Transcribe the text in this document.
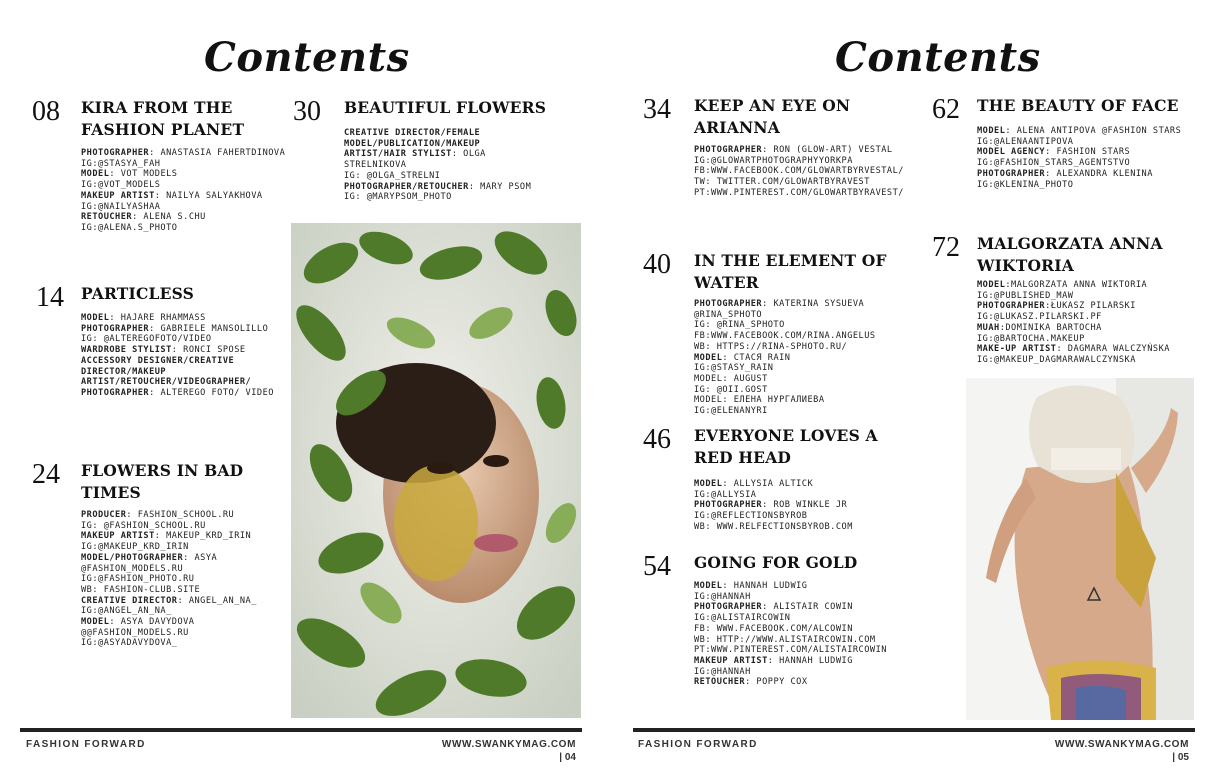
Contents
08 KIRA FROM THE FASHION PLANET
PHOTOGRAPHER: ANASTASIA FAHERTDINOVA
IG:@STASYA_FAH
MODEL: VOT MODELS
IG:@VOT_MODELS
MAKEUP ARTIST: NAILYA SALYAKHOVA
IG:@NAILYASHAA
RETOUCHER: ALENA S.CHU
IG:@ALENA.S_PHOTO
14 PARTICLESS
MODEL: HAJARE RHAMMASS
PHOTOGRAPHER: GABRIELE MANSOLILLO
IG: @ALTEREGOFOTO/VIDEO
WARDROBE STYLIST: RONCI SPOSE
ACCESSORY DESIGNER/CREATIVE DIRECTOR/MAKEUP ARTIST/RETOUCHER/VIDEOGRAPHER/ PHOTOGRAPHER: ALTEREGO FOTO/ VIDEO
24 FLOWERS IN BAD TIMES
PRODUCER: FASHION_SCHOOL.RU
IG: @FASHION_SCHOOL.RU
MAKEUP ARTIST: MAKEUP_KRD_IRIN
IG:@MAKEUP_KRD_IRIN
MODEL/PHOTOGRAPHER: ASYA
@FASHION_MODELS.RU
IG:@FASHION_PHOTO.RU
WB: FASHION-CLUB.SITE
CREATIVE DIRECTOR: ANGEL_AN_NA_
IG:@ANGEL_AN_NA_
MODEL: ASYA DAVYDOVA
@@FASHION_MODELS.RU
IG:@ASYADAVYDOVA_
30 BEAUTIFUL FLOWERS
CREATIVE DIRECTOR/FEMALE MODEL/PUBLICATION/MAKEUP ARTIST/HAIR STYLIST: OLGA STRELNIKOVA
IG: @OLGA_STRELNI
PHOTOGRAPHER/RETOUCHER: MARY PSOM
IG: @MARYPSOM_PHOTO
FASHION FORWARD	WWW.SWANKYMAG.COM
| 04
Contents
34 KEEP AN EYE ON ARIANNA
PHOTOGRAPHER: RON (GLOW-ART) VESTAL
IG:@GLOWARTPHOTOGRAPHYYORKPA
FB:WWW.FACEBOOK.COM/GLOWARTBYRVESTAL/
TW: TWITTER.COM/GLOWARTBYRAVEST
PT:WWW.PINTEREST.COM/GLOWARTBYRAVEST/
40 IN THE ELEMENT OF WATER
PHOTOGRAPHER: KATERINA SYSUEVA
@RINA_SPHOTO
IG: @RINA_SPHOTO
FB:WWW.FACEBOOK.COM/RINA.ANGELUS
WB: HTTPS://RINA-SPHOTO.RU/
MODEL: СТАСЯ RAIN
IG:@STASY_RAIN
MODEL: AUGUST
IG: @OII.GOST
MODEL: ЕЛЕНА НУРГАЛИЕВА
IG:@ELENANYRI
46 EVERYONE LOVES A RED HEAD
MODEL: ALLYSIA ALTICK
IG:@ALLYSIA
PHOTOGRAPHER: ROB WINKLE JR
IG:@REFLECTIONSBYROB
WB: WWW.RELFECTIONSBYROB.COM
54 GOING FOR GOLD
MODEL: HANNAH LUDWIG
IG:@HANNAH
PHOTOGRAPHER: ALISTAIR COWIN
IG:@ALISTAIRCOWIN
FB: WWW.FACEBOOK.COM/ALCOWIN
WB: HTTP://WWW.ALISTAIRCOWIN.COM
PT:WWW.PINTEREST.COM/ALISTAIRCOWIN
MAKEUP ARTIST: HANNAH LUDWIG
IG:@HANNAH
RETOUCHER: POPPY COX
62 THE BEAUTY OF FACE
MODEL: ALENA ANTIPOVA @FASHION STARS
IG:@ALENAANTIPOVA
MODEL AGENCY: FASHION STARS
IG:@FASHION_STARS_AGENTSTVO
PHOTOGRAPHER: ALEXANDRA KLENINA
IG:@KLENINA_PHOTO
72 MALGORZATA ANNA WIKTORIA
MODEL:MALGORZATA ANNA WIKTORIA
IG:@PUBLISHED_MAW
PHOTOGRAPHER:ŁUKASZ PILARSKI
IG:@LUKASZ.PILARSKI.PF
MUAH:DOMINIKA BARTOCHA
IG:@BARTOCHA.MAKEUP
MAKE-UP ARTIST: DAGMARA WALCZYŃSKA
IG:@MAKEUP_DAGMARAWALCZYNSKA
FASHION FORWARD	WWW.SWANKYMAG.COM
| 05
